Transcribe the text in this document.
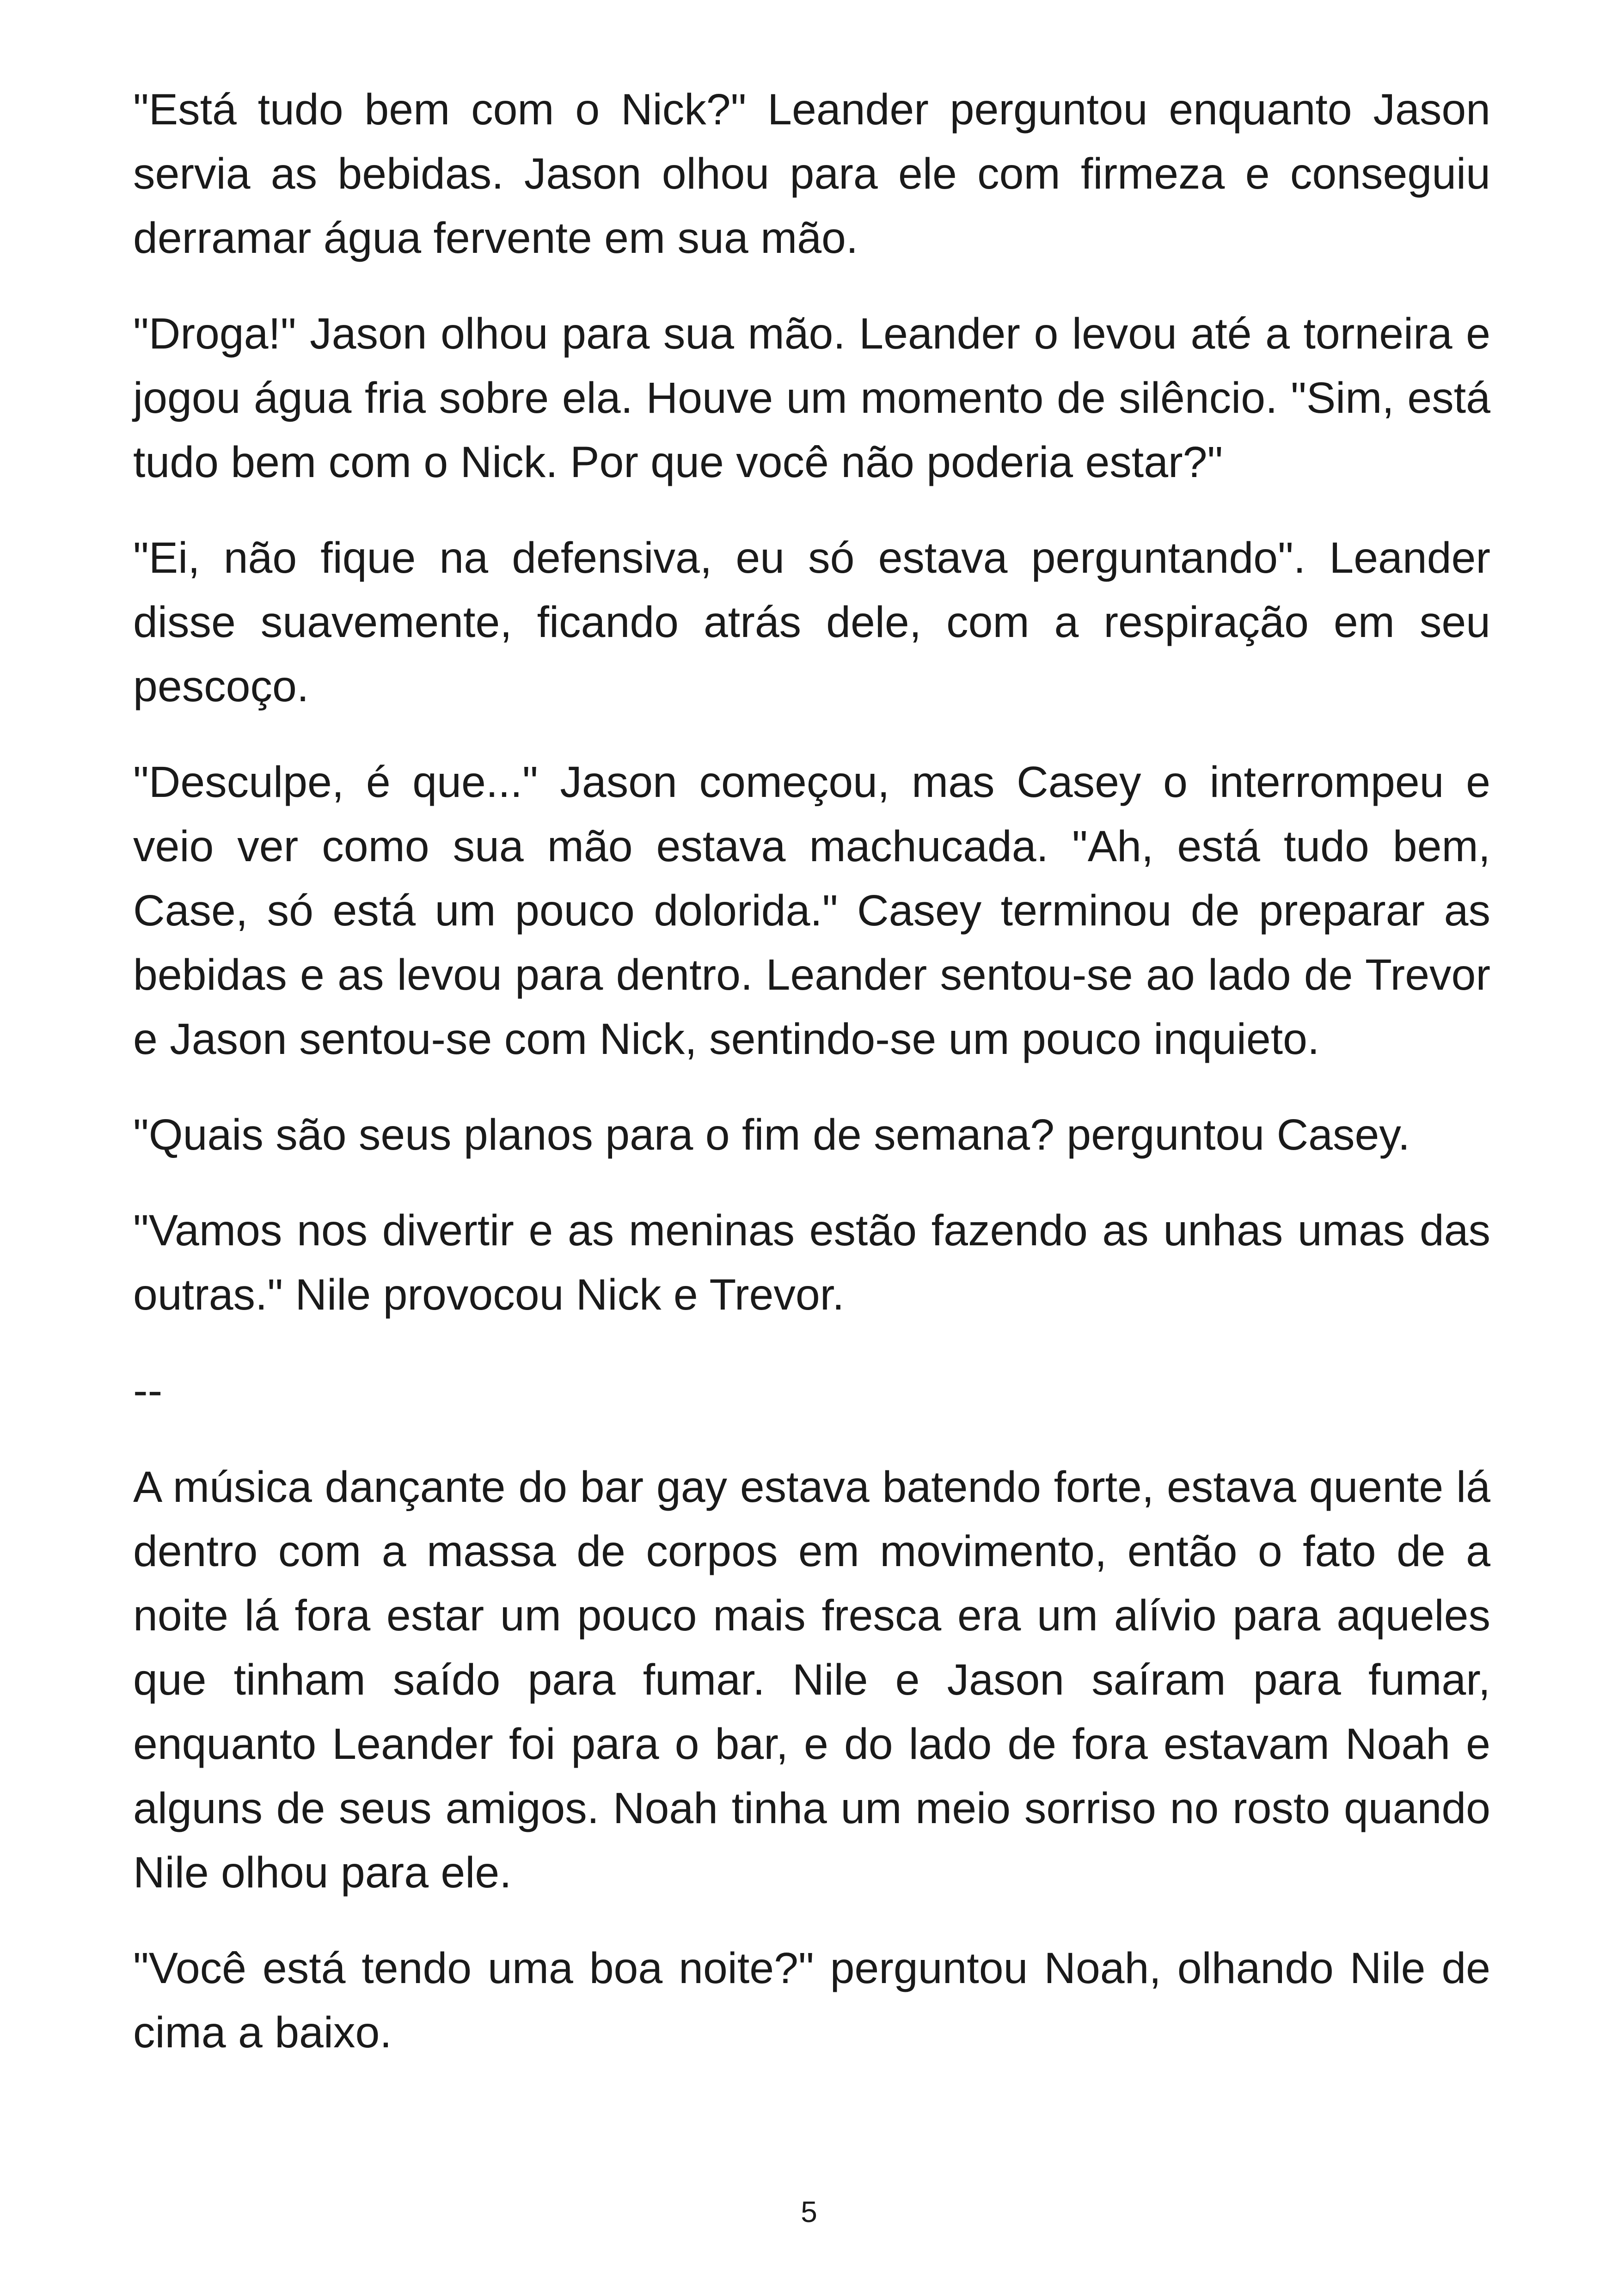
"Está tudo bem com o Nick?" Leander perguntou enquanto Jason servia as bebidas. Jason olhou para ele com firmeza e conseguiu derramar água fervente em sua mão.

"Droga!" Jason olhou para sua mão. Leander o levou até a torneira e jogou água fria sobre ela. Houve um momento de silêncio. "Sim, está tudo bem com o Nick. Por que você não poderia estar?"

"Ei, não fique na defensiva, eu só estava perguntando". Leander disse suavemente, ficando atrás dele, com a respiração em seu pescoço.

"Desculpe, é que..." Jason começou, mas Casey o interrompeu e veio ver como sua mão estava machucada. "Ah, está tudo bem, Case, só está um pouco dolorida." Casey terminou de preparar as bebidas e as levou para dentro. Leander sentou-se ao lado de Trevor e Jason sentou-se com Nick, sentindo-se um pouco inquieto.

"Quais são seus planos para o fim de semana? perguntou Casey.

"Vamos nos divertir e as meninas estão fazendo as unhas umas das outras." Nile provocou Nick e Trevor.

--

A música dançante do bar gay estava batendo forte, estava quente lá dentro com a massa de corpos em movimento, então o fato de a noite lá fora estar um pouco mais fresca era um alívio para aqueles que tinham saído para fumar. Nile e Jason saíram para fumar, enquanto Leander foi para o bar, e do lado de fora estavam Noah e alguns de seus amigos. Noah tinha um meio sorriso no rosto quando Nile olhou para ele.

"Você está tendo uma boa noite?" perguntou Noah, olhando Nile de cima a baixo.

5
